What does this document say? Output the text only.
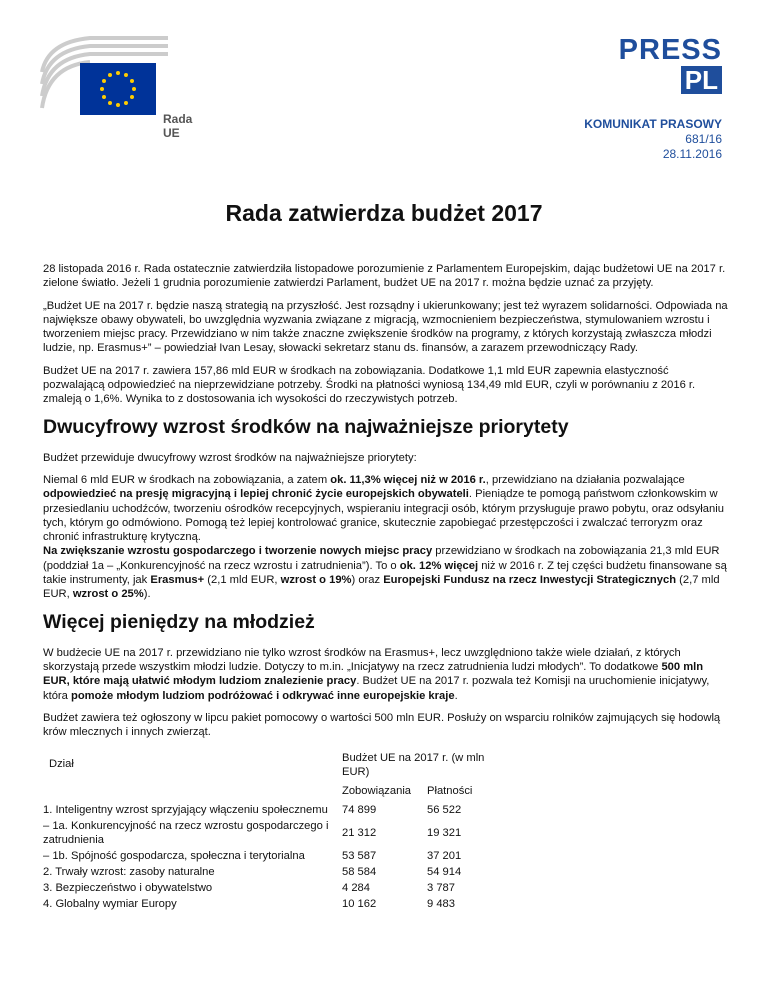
Rada UE
PRESS
PL
KOMUNIKAT PRASOWY
681/16
28.11.2016
Rada zatwierdza budżet 2017

28 listopada 2016 r. Rada ostatecznie zatwierdziła listopadowe porozumienie z Parlamentem Europejskim, dając budżetowi UE na 2017 r. zielone światło. Jeżeli 1 grudnia porozumienie zatwierdzi Parlament, budżet UE na 2017 r. można będzie uznać za przyjęty.

„Budżet UE na 2017 r. będzie naszą strategią na przyszłość. Jest rozsądny i ukierunkowany; jest też wyrazem solidarności. Odpowiada na największe obawy obywateli, bo uwzględnia wyzwania związane z migracją, wzmocnieniem bezpieczeństwa, stymulowaniem wzrostu i tworzeniem miejsc pracy. Przewidziano w nim także znaczne zwiększenie środków na programy, z których korzystają zwłaszcza młodzi ludzie, np. Erasmus+” – powiedział Ivan Lesay, słowacki sekretarz stanu ds. finansów, a zarazem przewodniczący Rady.

Budżet UE na 2017 r. zawiera 157,86 mld EUR w środkach na zobowiązania. Dodatkowe 1,1 mld EUR zapewnia elastyczność pozwalającą odpowiedzieć na nieprzewidziane potrzeby. Środki na płatności wyniosą 134,49 mld EUR, czyli w porównaniu z 2016 r. zmaleją o 1,6%. Wynika to z dostosowania ich wysokości do rzeczywistych potrzeb.

Dwucyfrowy wzrost środków na najważniejsze priorytety

Budżet przewiduje dwucyfrowy wzrost środków na najważniejsze priorytety:

Niemal 6 mld EUR w środkach na zobowiązania, a zatem ok. 11,3% więcej niż w 2016 r., przewidziano na działania pozwalające odpowiedzieć na presję migracyjną i lepiej chronić życie europejskich obywateli. Pieniądze te pomogą państwom członkowskim w przesiedlaniu uchodźców, tworzeniu ośrodków recepcyjnych, wspieraniu integracji osób, którym przysługuje prawo pobytu, oraz odsyłaniu tych, którym go odmówiono. Pomogą też lepiej kontrolować granice, skutecznie zapobiegać przestępczości i zwalczać terroryzm oraz chronić infrastrukturę krytyczną.

Na zwiększanie wzrostu gospodarczego i tworzenie nowych miejsc pracy przewidziano w środkach na zobowiązania 21,3 mld EUR (poddział 1a – „Konkurencyjność na rzecz wzrostu i zatrudnienia”). To o ok. 12% więcej niż w 2016 r. Z tej części budżetu finansowane są takie instrumenty, jak Erasmus+ (2,1 mld EUR, wzrost o 19%) oraz Europejski Fundusz na rzecz Inwestycji Strategicznych (2,7 mld EUR, wzrost o 25%).

Więcej pieniędzy na młodzież

W budżecie UE na 2017 r. przewidziano nie tylko wzrost środków na Erasmus+, lecz uwzględniono także wiele działań, z których skorzystają przede wszystkim młodzi ludzie. Dotyczy to m.in. „Inicjatywy na rzecz zatrudnienia ludzi młodych”. To dodatkowe 500 mln EUR, które mają ułatwić młodym ludziom znalezienie pracy. Budżet UE na 2017 r. pozwala też Komisji na uruchomienie inicjatywy, która pomoże młodym ludziom podróżować i odkrywać inne europejskie kraje.

Budżet zawiera też ogłoszony w lipcu pakiet pomocowy o wartości 500 mln EUR. Posłuży on wsparciu rolników zajmujących się hodowlą krów mlecznych i innych zwierząt.

Dział	Budżet UE na 2017 r. (w mln EUR)	
	Zobowiązania	Płatności
1. Inteligentny wzrost sprzyjający włączeniu społecznemu	74 899	56 522
– 1a. Konkurencyjność na rzecz wzrostu gospodarczego i zatrudnienia	21 312	19 321
– 1b. Spójność gospodarcza, społeczna i terytorialna	53 587	37 201
2. Trwały wzrost: zasoby naturalne	58 584	54 914
3. Bezpieczeństwo i obywatelstwo	4 284	3 787
4. Globalny wymiar Europy	10 162	9 483
